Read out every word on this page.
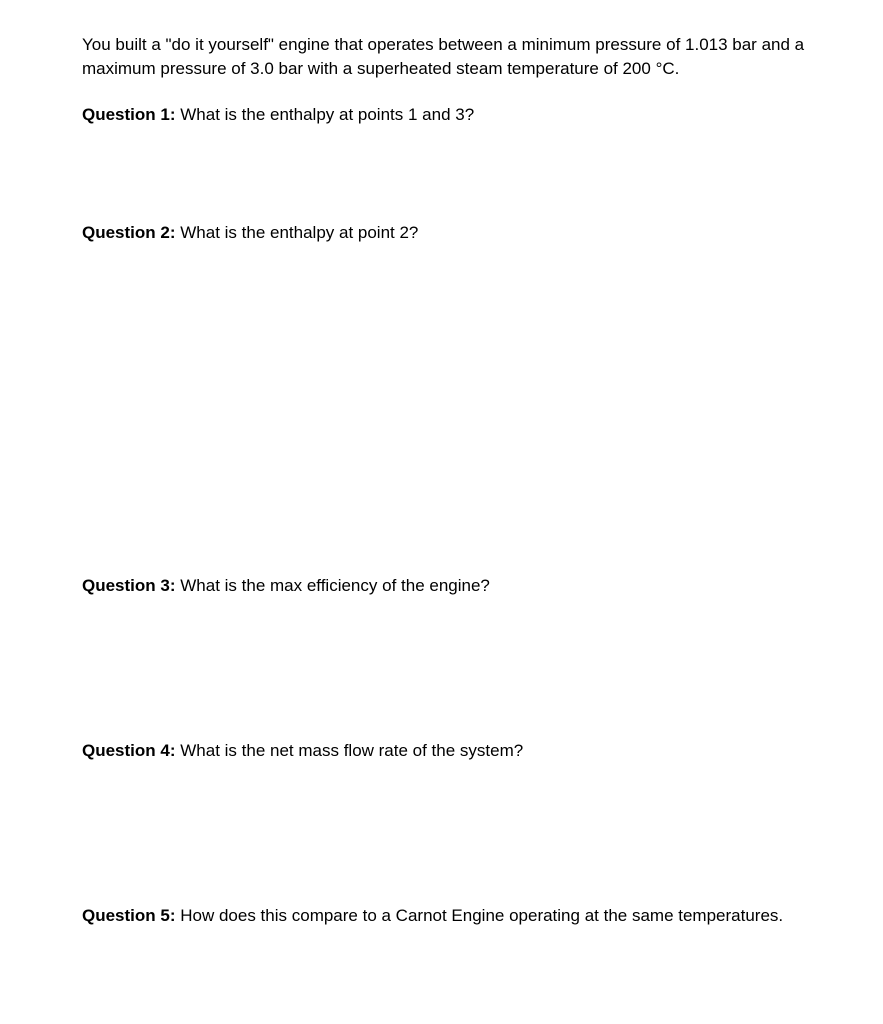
You built a "do it yourself" engine that operates between a minimum pressure of 1.013 bar and a maximum pressure of 3.0 bar with a superheated steam temperature of 200 °C.

Question 1: What is the enthalpy at points 1 and 3?

Question 2: What is the enthalpy at point 2?

Question 3: What is the max efficiency of the engine?

Question 4: What is the net mass flow rate of the system?

Question 5: How does this compare to a Carnot Engine operating at the same temperatures.
